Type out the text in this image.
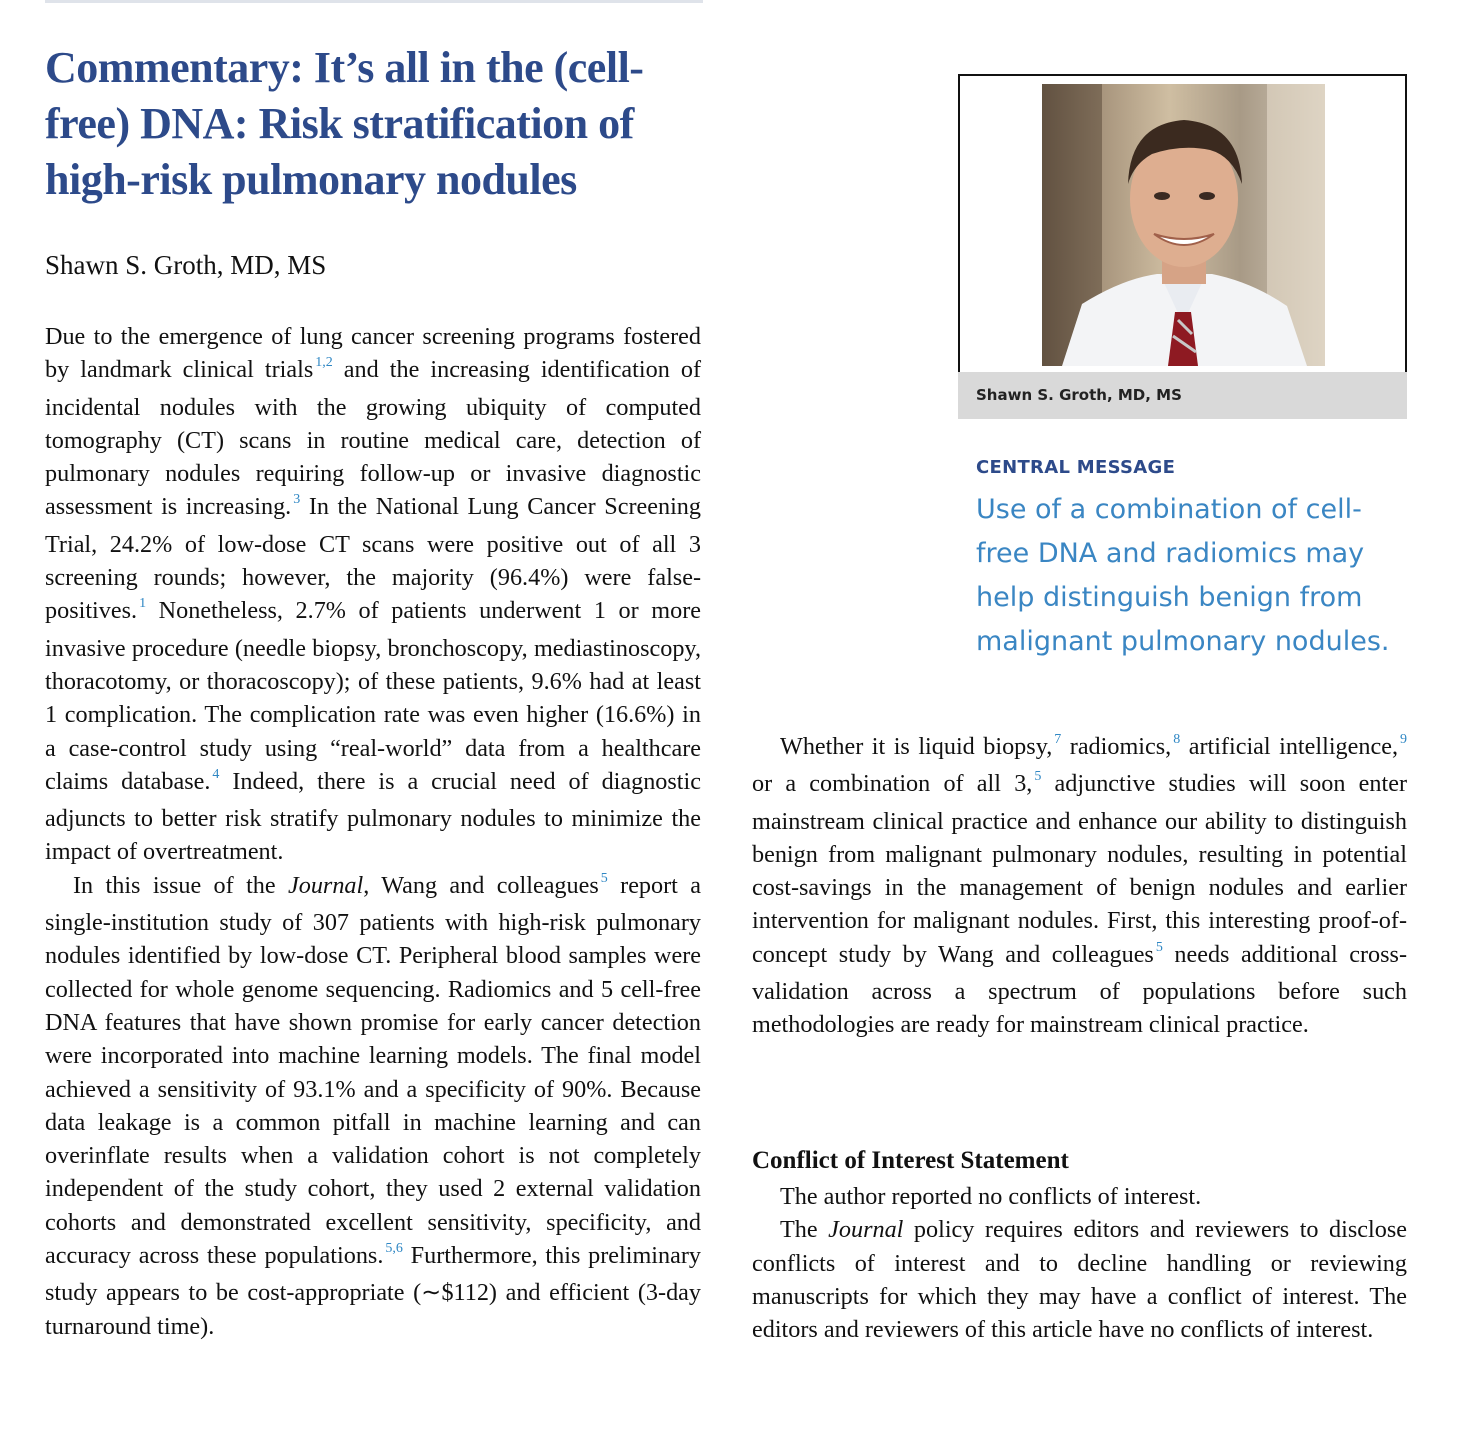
Commentary: It’s all in the (cell-free) DNA: Risk stratification of high-risk pulmonary nodules
Shawn S. Groth, MD, MS
Shawn S. Groth, MD, MS
CENTRAL MESSAGE
Use of a combination of cell-free DNA and radiomics may help distinguish benign from malignant pulmonary nodules.

Due to the emergence of lung cancer screening programs fostered by landmark clinical trials $^{1,2}$ and the increasing identification of incidental nodules with the growing ubiquity of computed tomography (CT) scans in routine medical care, detection of pulmonary nodules requiring follow-up or invasive diagnostic assessment is increasing. $^3$ In the National Lung Cancer Screening Trial, 24.2% of low-dose CT scans were positive out of all 3 screening rounds; however, the majority (96.4%) were false-positives. $^1$ Nonetheless, 2.7% of patients underwent 1 or more invasive procedure (needle biopsy, bronchoscopy, mediastinoscopy, thoracotomy, or thoracoscopy); of these patients, 9.6% had at least 1 complication. The complication rate was even higher (16.6%) in a case-control study using “real-world” data from a healthcare claims database. $^4$ Indeed, there is a crucial need of diagnostic adjuncts to better risk stratify pulmonary nodules to minimize the impact of overtreatment.

In this issue of the Journal, Wang and colleagues $^5$ report a single-institution study of 307 patients with high-risk pulmonary nodules identified by low-dose CT. Peripheral blood samples were collected for whole genome sequencing. Radiomics and 5 cell-free DNA features that have shown promise for early cancer detection were incorporated into machine learning models. The final model achieved a sensitivity of 93.1% and a specificity of 90%. Because data leakage is a common pitfall in machine learning and can overinflate results when a validation cohort is not completely independent of the study cohort, they used 2 external validation cohorts and demonstrated excellent sensitivity, specificity, and accuracy across these populations. $^{5,6}$ Furthermore, this preliminary study appears to be cost-appropriate (∼$112) and efficient (3-day turnaround time).

Whether it is liquid biopsy, $^7$ radiomics, $^8$ artificial intelligence, $^9$ or a combination of all 3, $^5$ adjunctive studies will soon enter mainstream clinical practice and enhance our ability to distinguish benign from malignant pulmonary nodules, resulting in potential cost-savings in the management of benign nodules and earlier intervention for malignant nodules. First, this interesting proof-of-concept study by Wang and colleagues $^5$ needs additional cross-validation across a spectrum of populations before such methodologies are ready for mainstream clinical practice.

Conflict of Interest Statement

The author reported no conflicts of interest.

The Journal policy requires editors and reviewers to disclose conflicts of interest and to decline handling or reviewing manuscripts for which they may have a conflict of interest. The editors and reviewers of this article have no conflicts of interest.
